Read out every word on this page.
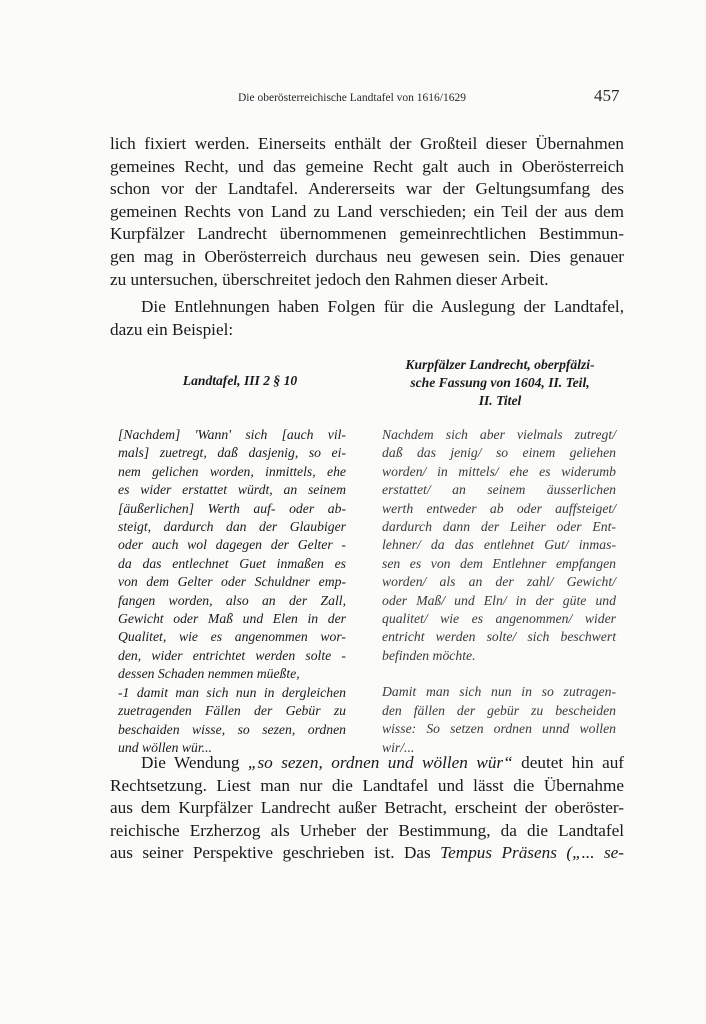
Die oberösterreichische Landtafel von 1616/1629	457
lich fixiert werden. Einerseits enthält der Großteil dieser Übernahmen
gemeines Recht, und das gemeine Recht galt auch in Oberösterreich
schon vor der Landtafel. Andererseits war der Geltungsumfang des
gemeinen Rechts von Land zu Land verschieden; ein Teil der aus dem
Kurpfälzer Landrecht übernommenen gemeinrechtlichen Bestimmun-
gen mag in Oberösterreich durchaus neu gewesen sein. Dies genauer
zu untersuchen, überschreitet jedoch den Rahmen dieser Arbeit.
Die Entlehnungen haben Folgen für die Auslegung der Landtafel,
dazu ein Beispiel:
Landtafel, III 2 § 10
Kurpfälzer Landrecht, oberpfälzi-
sche Fassung von 1604, II. Teil,
II. Titel
[Nachdem] 'Wann' sich [auch vil-
mals] zuetregt, daß dasjenig, so ei-
nem gelichen worden, inmittels, ehe
es wider erstattet würdt, an seinem
[äußerlichen] Werth auf- oder ab-
steigt, dardurch dan der Glaubiger
oder auch wol dagegen der Gelter -
da das entlechnet Guet inmaßen es
von dem Gelter oder Schuldner emp-
fangen worden, also an der Zall,
Gewicht oder Maß und Elen in der
Qualitet, wie es angenommen wor-
den, wider entrichtet werden solte -
dessen Schaden nemmen müeßte,
-1 damit man sich nun in dergleichen
zuetragenden Fällen der Gebür zu
beschaiden wisse, so sezen, ordnen
und wöllen wür...
Nachdem sich aber vielmals zutregt/
daß das jenig/ so einem geliehen
worden/ in mittels/ ehe es widerumb
erstattet/ an seinem äusserlichen
werth entweder ab oder auffsteiget/
dardurch dann der Leiher oder Ent-
lehner/ da das entlehnet Gut/ inmas-
sen es von dem Entlehner empfangen
worden/ als an der zahl/ Gewicht/
oder Maß/ und Eln/ in der güte und
qualitet/ wie es angenommen/ wider
entricht werden solte/ sich beschwert
befinden möchte.
Damit man sich nun in so zutragen-
den fällen der gebür zu bescheiden
wisse: So setzen ordnen unnd wollen
wir/...
Die Wendung „so sezen, ordnen und wöllen wür“ deutet hin auf
Rechtsetzung. Liest man nur die Landtafel und lässt die Übernahme
aus dem Kurpfälzer Landrecht außer Betracht, erscheint der oberöster-
reichische Erzherzog als Urheber der Bestimmung, da die Landtafel
aus seiner Perspektive geschrieben ist. Das Tempus Präsens („... se-
